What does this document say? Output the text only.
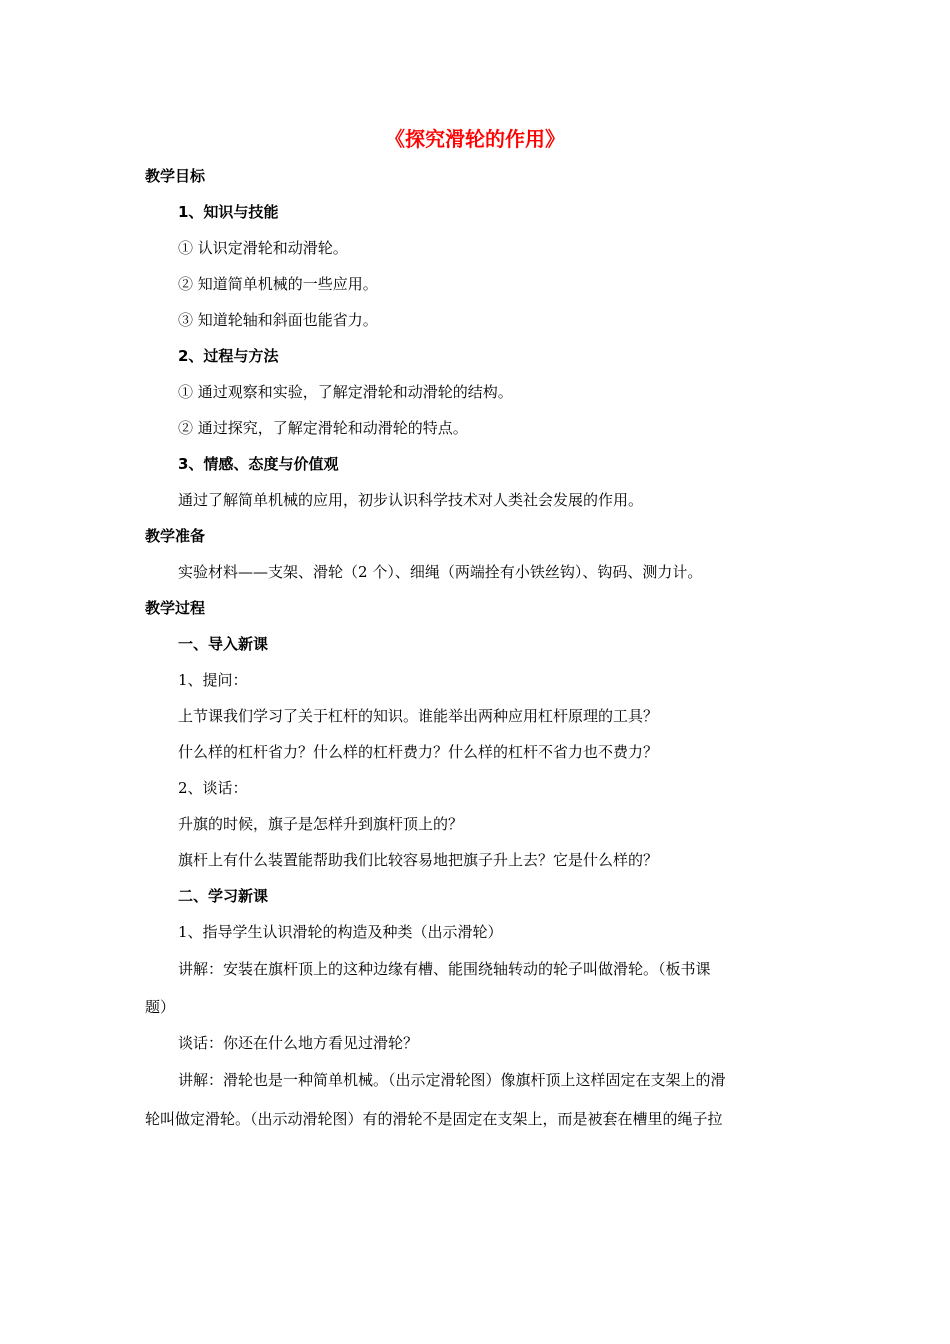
《探究滑轮的作用》
教学目标
1、知识与技能
① 认识定滑轮和动滑轮。
② 知道简单机械的一些应用。
③ 知道轮轴和斜面也能省力。
2、过程与方法
① 通过观察和实验，了解定滑轮和动滑轮的结构。
② 通过探究，了解定滑轮和动滑轮的特点。
3、情感、态度与价值观
通过了解简单机械的应用，初步认识科学技术对人类社会发展的作用。
教学准备
实验材料——支架、滑轮（2 个）、细绳（两端拴有小铁丝钩）、钩码、测力计。
教学过程
一、导入新课
1、提问：
上节课我们学习了关于杠杆的知识。谁能举出两种应用杠杆原理的工具？
什么样的杠杆省力？什么样的杠杆费力？什么样的杠杆不省力也不费力？
2、谈话：
升旗的时候，旗子是怎样升到旗杆顶上的？
旗杆上有什么装置能帮助我们比较容易地把旗子升上去？它是什么样的？
二、学习新课
1、指导学生认识滑轮的构造及种类（出示滑轮）
讲解：安装在旗杆顶上的这种边缘有槽、能围绕轴转动的轮子叫做滑轮。（板书课
题）
谈话：你还在什么地方看见过滑轮？
讲解：滑轮也是一种简单机械。（出示定滑轮图）像旗杆顶上这样固定在支架上的滑
轮叫做定滑轮。（出示动滑轮图）有的滑轮不是固定在支架上，而是被套在槽里的绳子拉
